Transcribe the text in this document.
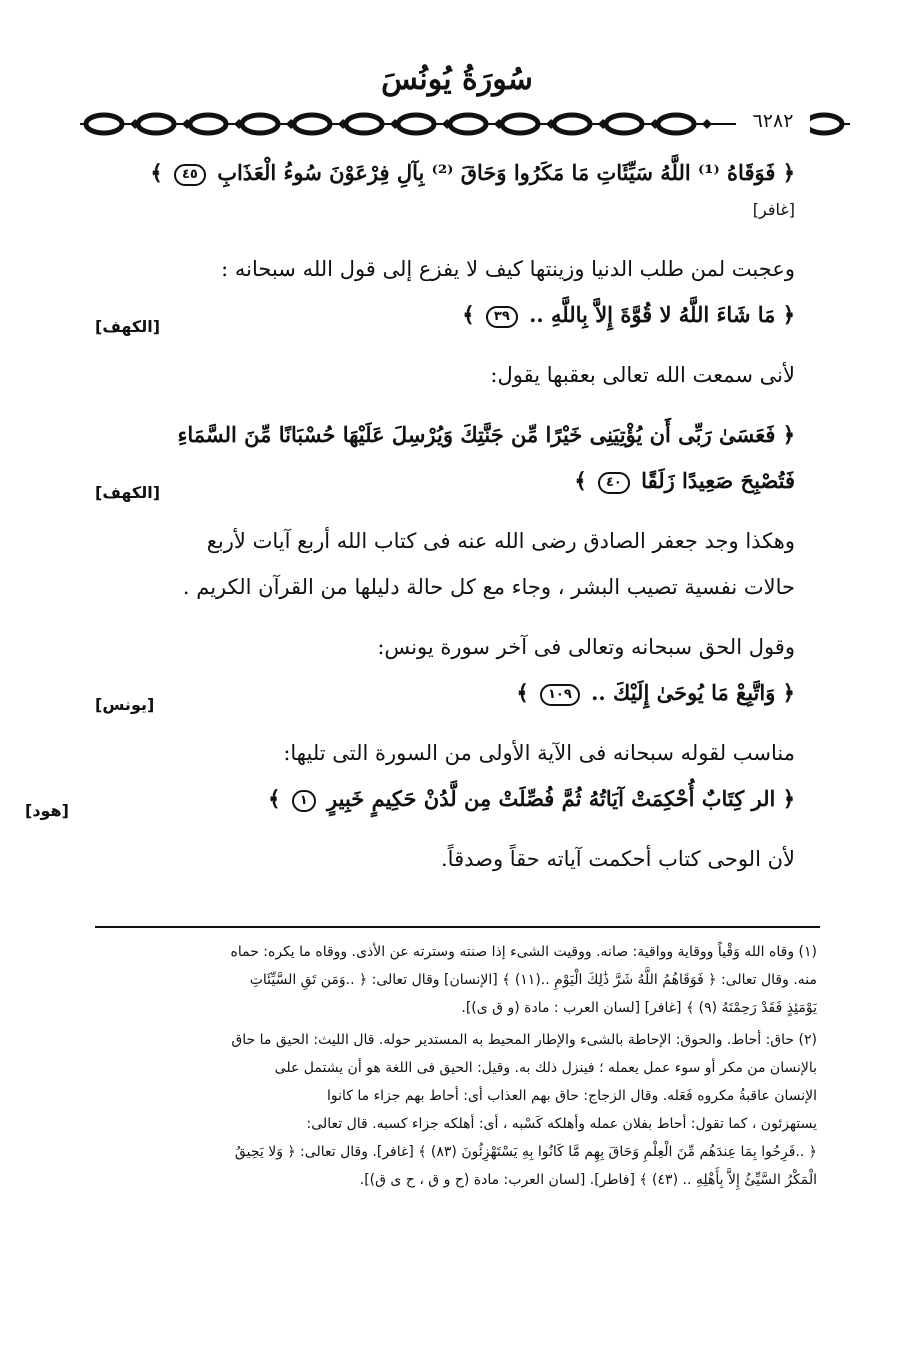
سُورَةُ يُونُسَ
٦٢٨٢
﴿ فَوَقَاهُ ⁽¹⁾ اللَّهُ سَيِّئَاتِ مَا مَكَرُوا وَحَاقَ ⁽²⁾ بِآلِ فِرْعَوْنَ سُوءُ الْعَذَابِ ٤٥ ﴾
[غافر]
وعجبت لمن طلب الدنيا وزينتها كيف لا يفزع إلى قول الله سبحانه :
﴿ مَا شَاءَ اللَّهُ لا قُوَّةَ إِلاَّ بِاللَّهِ .. ٣٩ ﴾
[الكهف]
لأنى سمعت الله تعالى بعقبها يقول:
﴿ فَعَسَىٰ رَبِّى أَن يُؤْتِيَنِى خَيْرًا مِّن جَنَّتِكَ وَيُرْسِلَ عَلَيْهَا حُسْبَانًا مِّنَ السَّمَاءِ
فَتُصْبِحَ صَعِيدًا زَلَقًا ٤٠ ﴾
[الكهف]
وهكذا وجد جعفر الصادق رضى الله عنه فى كتاب الله أربع آيات لأربع
حالات نفسية تصيب البشر ، وجاء مع كل حالة دليلها من القرآن الكريم .
وقول الحق سبحانه وتعالى فى آخر سورة يونس:
﴿ وَاتَّبِعْ مَا يُوحَىٰ إِلَيْكَ .. ١٠٩ ﴾
[يونس]
مناسب لقوله سبحانه فى الآية الأولى من السورة التى تليها:
﴿ الر كِتَابٌ أُحْكِمَتْ آيَاتُهُ ثُمَّ فُصِّلَتْ مِن لَّدُنْ حَكِيمٍ خَبِيرٍ ١ ﴾
[هود]
لأن الوحى كتاب أحكمت آياته حقاً وصدقاً.
(١) وقاه الله وَقْياً ووقاية وواقية: صانه. ووقيت الشىء إذا صنته وسترته عن الأذى. ووقاه ما يكره: حماه
منه. وقال تعالى: ﴿ فَوَقَاهُمُ اللَّهُ شَرَّ ذَٰلِكَ الْيَوْمِ ..(١١) ﴾ [الإنسان] وقال تعالى: ﴿ ..وَمَن تَقِ السَّيِّئَاتِ
يَوْمَئِذٍ فَقَدْ رَحِمْتَهُ (٩) ﴾ [غافر] [لسان العرب : مادة (و ق ى)].
(٢) حاق: أحاط. والحوق: الإحاطة بالشىء والإطار المحيط به المستدير حوله. قال الليث: الحيق ما حاق
بالإنسان من مكر أو سوء عمل يعمله ؛ فينزل ذلك به. وقيل: الحيق فى اللغة هو أن يشتمل على
الإنسان عاقبةُ مكروه فَعَله. وقال الزجاج: حاق بهم العذاب أى: أحاط بهم جزاء ما كانوا
يستهزئون ، كما تقول: أحاط بفلان عمله وأهلكه كَسْبه ، أى: أهلكه جزاء كسبه. قال تعالى:
﴿ ..فَرِحُوا بِمَا عِندَهُم مِّنَ الْعِلْمِ وَحَاقَ بِهِم مَّا كَانُوا بِهِ يَسْتَهْزِئُونَ (٨٣) ﴾ [غافر]. وقال تعالى: ﴿ وَلا يَحِيقُ
الْمَكْرُ السَّيِّئُ إِلاَّ بِأَهْلِهِ .. (٤٣) ﴾ [فاطر]. [لسان العرب: مادة (ح و ق ، ح ى ق)].
